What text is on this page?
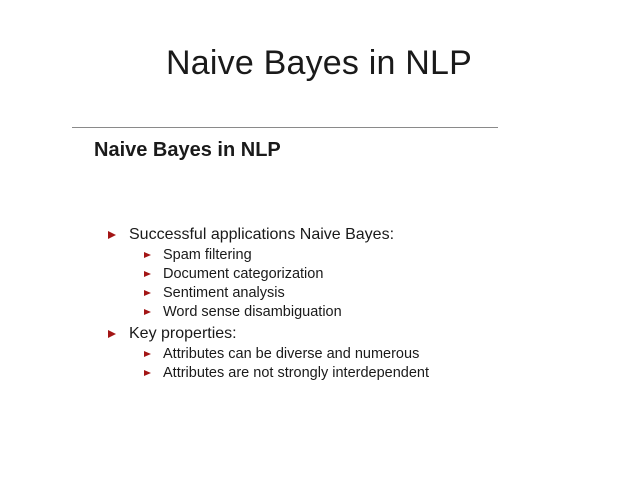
Naive Bayes in NLP
Naive Bayes in NLP
Successful applications Naive Bayes:
Spam filtering
Document categorization
Sentiment analysis
Word sense disambiguation
Key properties:
Attributes can be diverse and numerous
Attributes are not strongly interdependent
